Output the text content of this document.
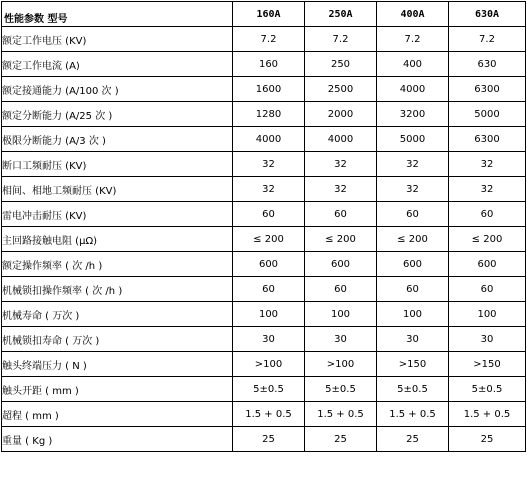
性能参数 型号	160A	250A	400A	630A
额定工作电压 (KV)	7.2	7.2	7.2	7.2
额定工作电流 (A)	160	250	400	630
额定接通能力 (A/100 次 )	1600	2500	4000	6300
额定分断能力 (A/25 次 )	1280	2000	3200	5000
极限分断能力 (A/3 次 )	4000	4000	5000	6300
断口工频耐压 (KV)	32	32	32	32
相间、相地工频耐压 (KV)	32	32	32	32
雷电冲击耐压 (KV)	60	60	60	60
主回路接触电阻 (μΩ)	≤ 200	≤ 200	≤ 200	≤ 200
额定操作频率 ( 次 /h )	600	600	600	600
机械锁扣操作频率 ( 次 /h )	60	60	60	60
机械寿命 ( 万次 )	100	100	100	100
机械锁扣寿命 ( 万次 )	30	30	30	30
触头终端压力 ( N )	>100	>100	>150	>150
触头开距 ( mm )	5±0.5	5±0.5	5±0.5	5±0.5
超程 ( mm )	1.5 + 0.5	1.5 + 0.5	1.5 + 0.5	1.5 + 0.5
重量 ( Kg )	25	25	25	25
